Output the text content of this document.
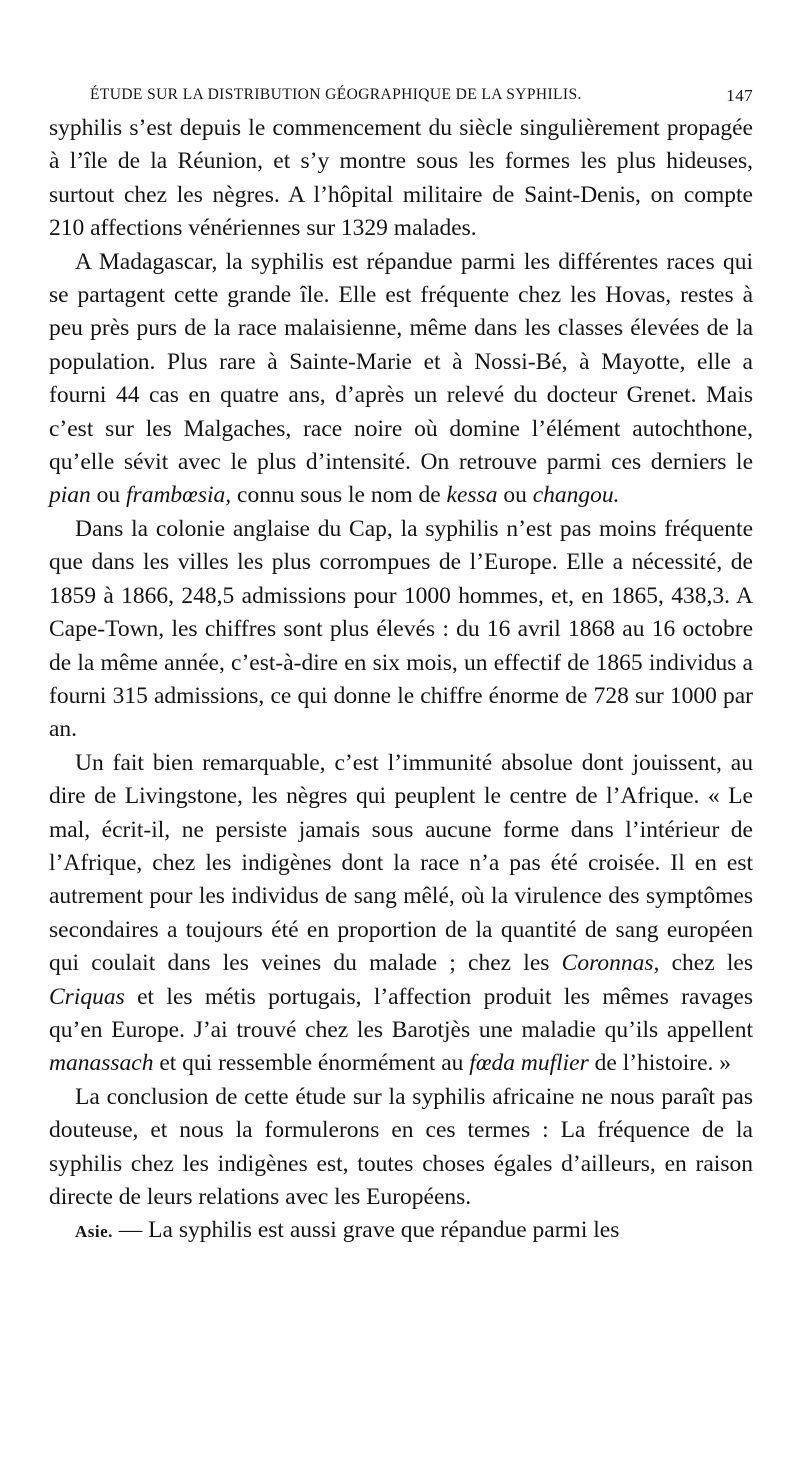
ÉTUDE SUR LA DISTRIBUTION GÉOGRAPHIQUE DE LA SYPHILIS.	147

syphilis s’est depuis le commencement du siècle singulièrement propagée à l’île de la Réunion, et s’y montre sous les formes les plus hideuses, surtout chez les nègres. A l’hôpital militaire de Saint-Denis, on compte 210 affections vénériennes sur 1329 malades.

A Madagascar, la syphilis est répandue parmi les différentes races qui se partagent cette grande île. Elle est fréquente chez les Hovas, restes à peu près purs de la race malaisienne, même dans les classes élevées de la population. Plus rare à Sainte-Marie et à Nossi-Bé, à Mayotte, elle a fourni 44 cas en quatre ans, d’après un relevé du docteur Grenet. Mais c’est sur les Malgaches, race noire où domine l’élément autochthone, qu’elle sévit avec le plus d’intensité. On retrouve parmi ces derniers le pian ou frambœsia, connu sous le nom de kessa ou changou.

Dans la colonie anglaise du Cap, la syphilis n’est pas moins fréquente que dans les villes les plus corrompues de l’Europe. Elle a nécessité, de 1859 à 1866, 248,5 admissions pour 1000 hommes, et, en 1865, 438,3. A Cape-Town, les chiffres sont plus élevés : du 16 avril 1868 au 16 octobre de la même année, c’est-à-dire en six mois, un effectif de 1865 individus a fourni 315 admissions, ce qui donne le chiffre énorme de 728 sur 1000 par an.

Un fait bien remarquable, c’est l’immunité absolue dont jouissent, au dire de Livingstone, les nègres qui peuplent le centre de l’Afrique. « Le mal, écrit-il, ne persiste jamais sous aucune forme dans l’intérieur de l’Afrique, chez les indigènes dont la race n’a pas été croisée. Il en est autrement pour les individus de sang mêlé, où la virulence des symptômes secondaires a toujours été en proportion de la quantité de sang européen qui coulait dans les veines du malade ; chez les Coronnas, chez les Criquas et les métis portugais, l’affection produit les mêmes ravages qu’en Europe. J’ai trouvé chez les Barotjès une maladie qu’ils appellent manassach et qui ressemble énormément au fœda muflier de l’histoire. »

La conclusion de cette étude sur la syphilis africaine ne nous paraît pas douteuse, et nous la formulerons en ces termes : La fréquence de la syphilis chez les indigènes est, toutes choses égales d’ailleurs, en raison directe de leurs relations avec les Européens.

Asie. — La syphilis est aussi grave que répandue parmi les
